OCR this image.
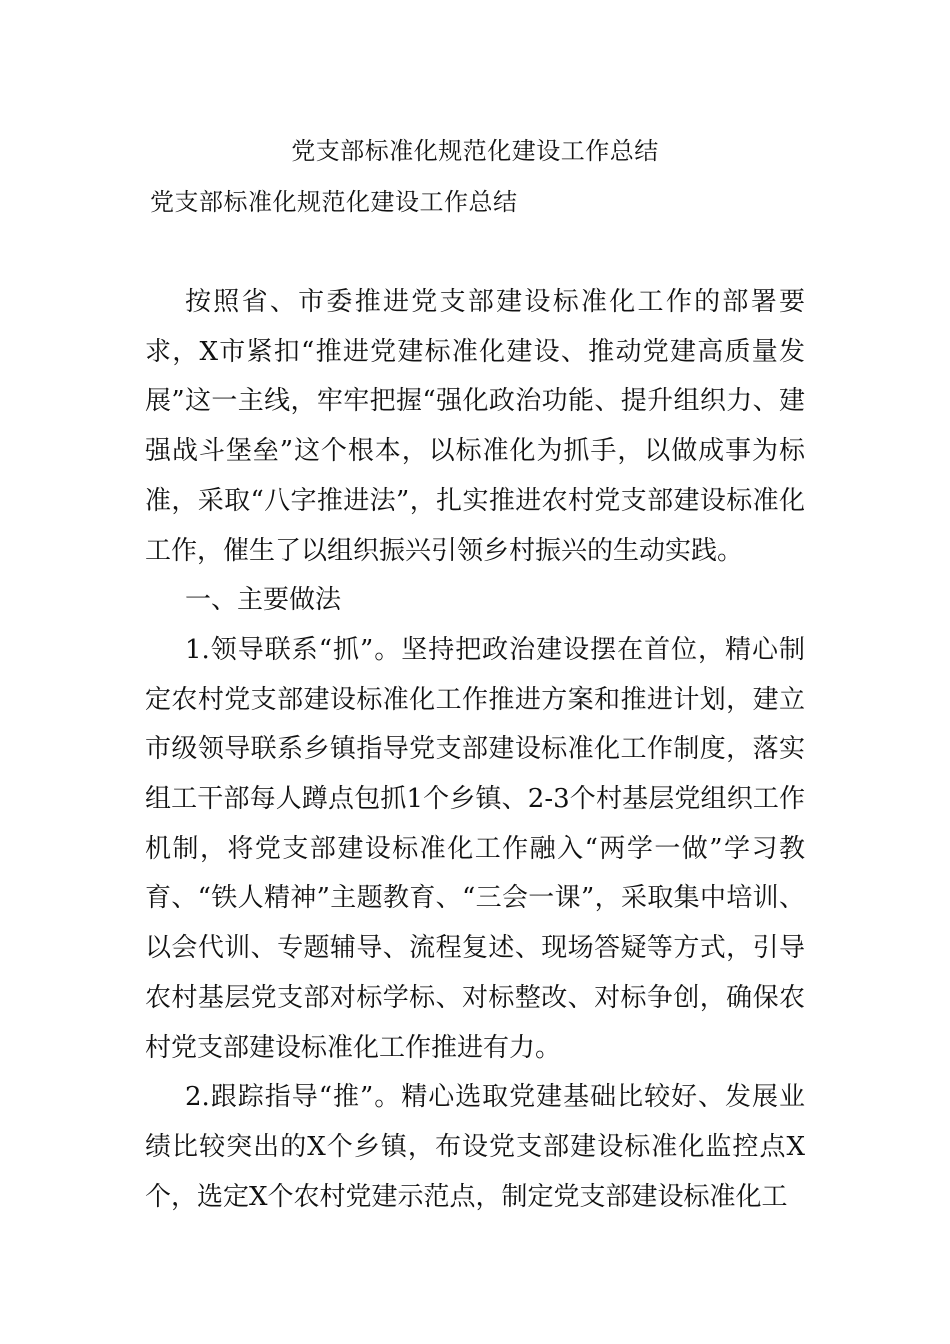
党支部标准化规范化建设工作总结
党支部标准化规范化建设工作总结

按照省、市委推进党支部建设标准化工作的部署要求，X市紧扣“推进党建标准化建设、推动党建高质量发展”这一主线，牢牢把握“强化政治功能、提升组织力、建强战斗堡垒”这个根本，以标准化为抓手，以做成事为标准，采取“八字推进法”，扎实推进农村党支部建设标准化工作，催生了以组织振兴引领乡村振兴的生动实践。

一、主要做法

1.领导联系“抓”。坚持把政治建设摆在首位，精心制定农村党支部建设标准化工作推进方案和推进计划，建立市级领导联系乡镇指导党支部建设标准化工作制度，落实组工干部每人蹲点包抓1个乡镇、2-3个村基层党组织工作机制，将党支部建设标准化工作融入“两学一做”学习教育、“铁人精神”主题教育、“三会一课”，采取集中培训、以会代训、专题辅导、流程复述、现场答疑等方式，引导农村基层党支部对标学标、对标整改、对标争创，确保农村党支部建设标准化工作推进有力。

2.跟踪指导“推”。精心选取党建基础比较好、发展业绩比较突出的X个乡镇，布设党支部建设标准化监控点X个，选定X个农村党建示范点，制定党支部建设标准化工
